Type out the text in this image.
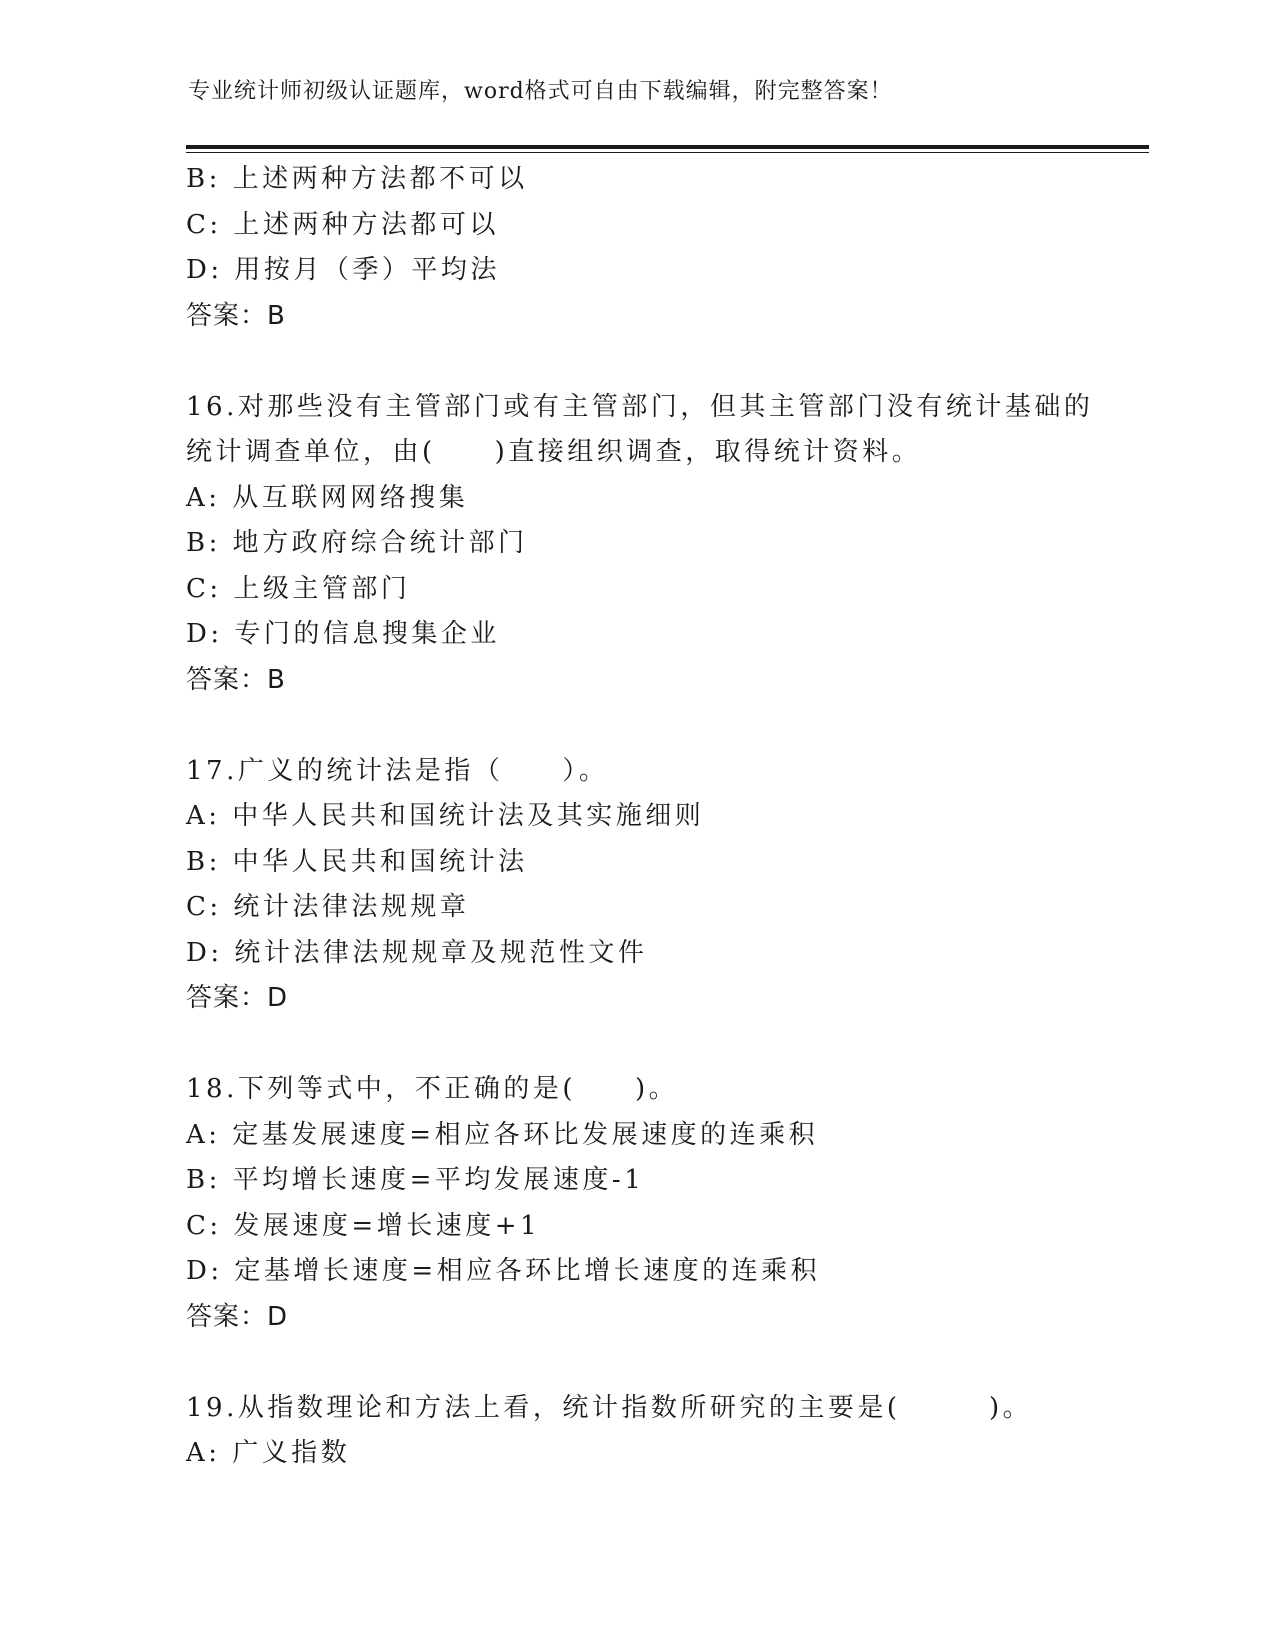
专业统计师初级认证题库，word格式可自由下载编辑，附完整答案！
B: 上述两种方法都不可以
C: 上述两种方法都可以
D: 用按月（季）平均法
答案：B
16.对那些没有主管部门或有主管部门，但其主管部门没有统计基础的
统计调查单位，由(　　)直接组织调查，取得统计资料。
A: 从互联网网络搜集
B: 地方政府综合统计部门
C: 上级主管部门
D: 专门的信息搜集企业
答案：B
17.广义的统计法是指（　　）。
A: 中华人民共和国统计法及其实施细则
B: 中华人民共和国统计法
C: 统计法律法规规章
D: 统计法律法规规章及规范性文件
答案：D
18.下列等式中，不正确的是(　　)。
A: 定基发展速度=相应各环比发展速度的连乘积
B: 平均增长速度=平均发展速度-1
C: 发展速度=增长速度+1
D: 定基增长速度=相应各环比增长速度的连乘积
答案：D
19.从指数理论和方法上看，统计指数所研究的主要是(　　　)。
A: 广义指数
